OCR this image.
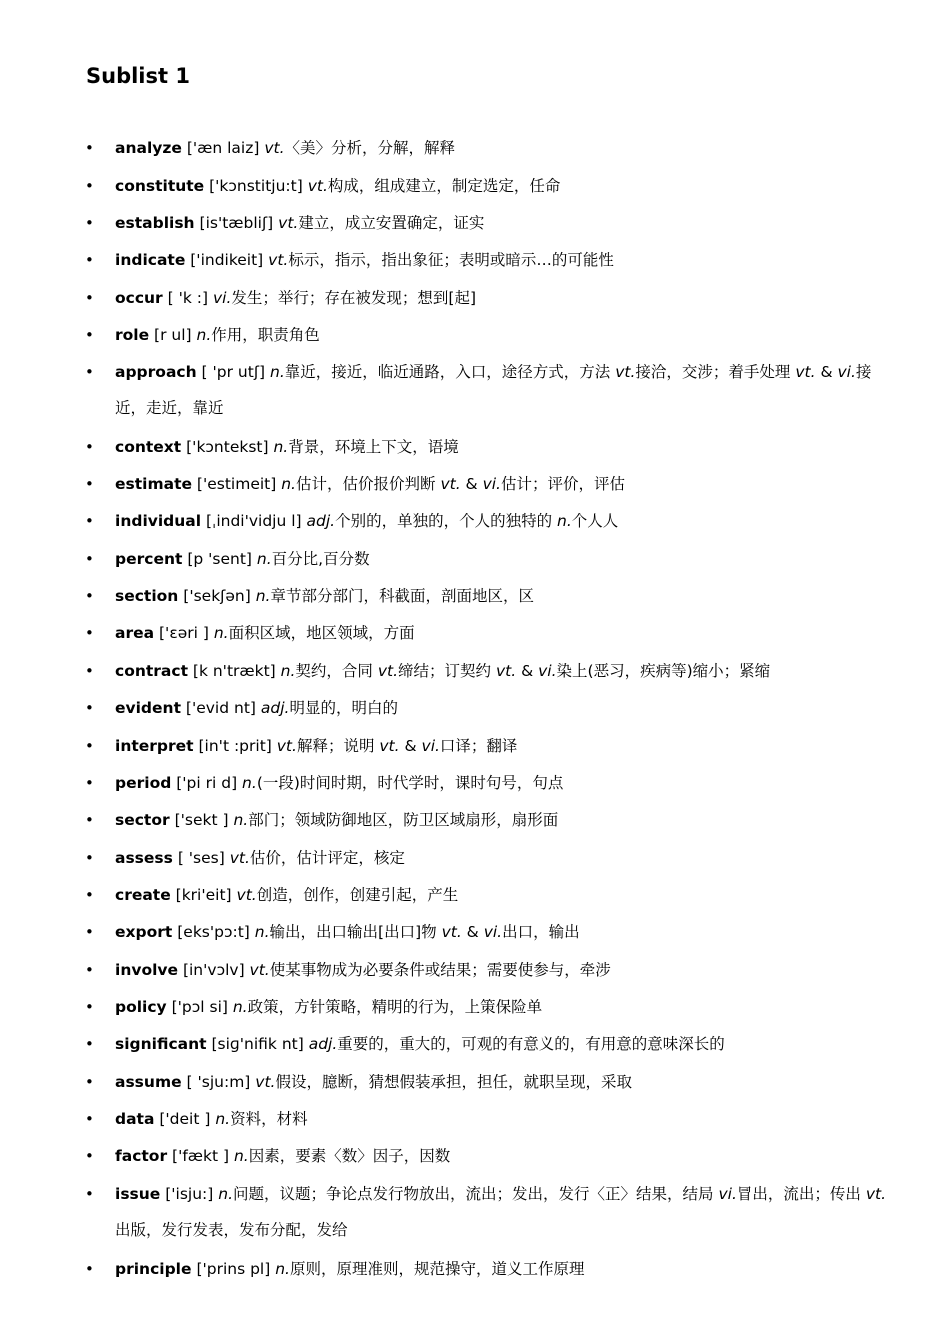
Sublist 1
• analyze ['æn laiz] vt.〈美〉分析，分解，解释
• constitute ['kɔnstitju:t] vt.构成，组成建立，制定选定，任命
• establish [is'tæbliʃ] vt.建立，成立安置确定，证实
• indicate ['indikeit] vt.标示，指示，指出象征；表明或暗示…的可能性
• occur [ 'k :] vi.发生；举行；存在被发现；想到[起]
• role [r ul] n.作用，职责角色
• approach [ 'pr utʃ] n.靠近，接近，临近通路，入口，途径方式，方法 vt.接洽，交涉；着手处理 vt. & vi.接近，走近，靠近
• context ['kɔntekst] n.背景，环境上下文，语境
• estimate ['estimeit] n.估计，估价报价判断 vt. & vi.估计；评价，评估
• individual [ˌindi'vidju l] adj.个别的，单独的，个人的独特的 n.个人人
• percent [p 'sent] n.百分比,百分数
• section ['sekʃən] n.章节部分部门，科截面，剖面地区，区
• area ['ɛəri ] n.面积区域，地区领域，方面
• contract [k n'trækt] n.契约，合同 vt.缔结；订契约 vt. & vi.染上(恶习，疾病等)缩小；紧缩
• evident ['evid nt] adj.明显的，明白的
• interpret [in't :prit] vt.解释；说明 vt. & vi.口译；翻译
• period ['pi ri d] n.(一段)时间时期，时代学时，课时句号，句点
• sector ['sekt ] n.部门；领域防御地区，防卫区域扇形，扇形面
• assess [ 'ses] vt.估价，估计评定，核定
• create [kri'eit] vt.创造，创作，创建引起，产生
• export [eks'pɔ:t] n.输出，出口输出[出口]物 vt. & vi.出口，输出
• involve [in'vɔlv] vt.使某事物成为必要条件或结果；需要使参与，牵涉
• policy ['pɔl si] n.政策，方针策略，精明的行为，上策保险单
• significant [siɡ'nifik nt] adj.重要的，重大的，可观的有意义的，有用意的意味深长的
• assume [ 'sju:m] vt.假设，臆断，猜想假装承担，担任，就职呈现，采取
• data ['deit ] n.资料，材料
• factor ['fækt ] n.因素，要素〈数〉因子，因数
• issue ['isju:] n.问题，议题；争论点发行物放出，流出；发出，发行〈正〉结果，结局 vi.冒出，流出；传出 vt.出版，发行发表，发布分配，发给
• principle ['prins pl] n.原则，原理准则，规范操守，道义工作原理
